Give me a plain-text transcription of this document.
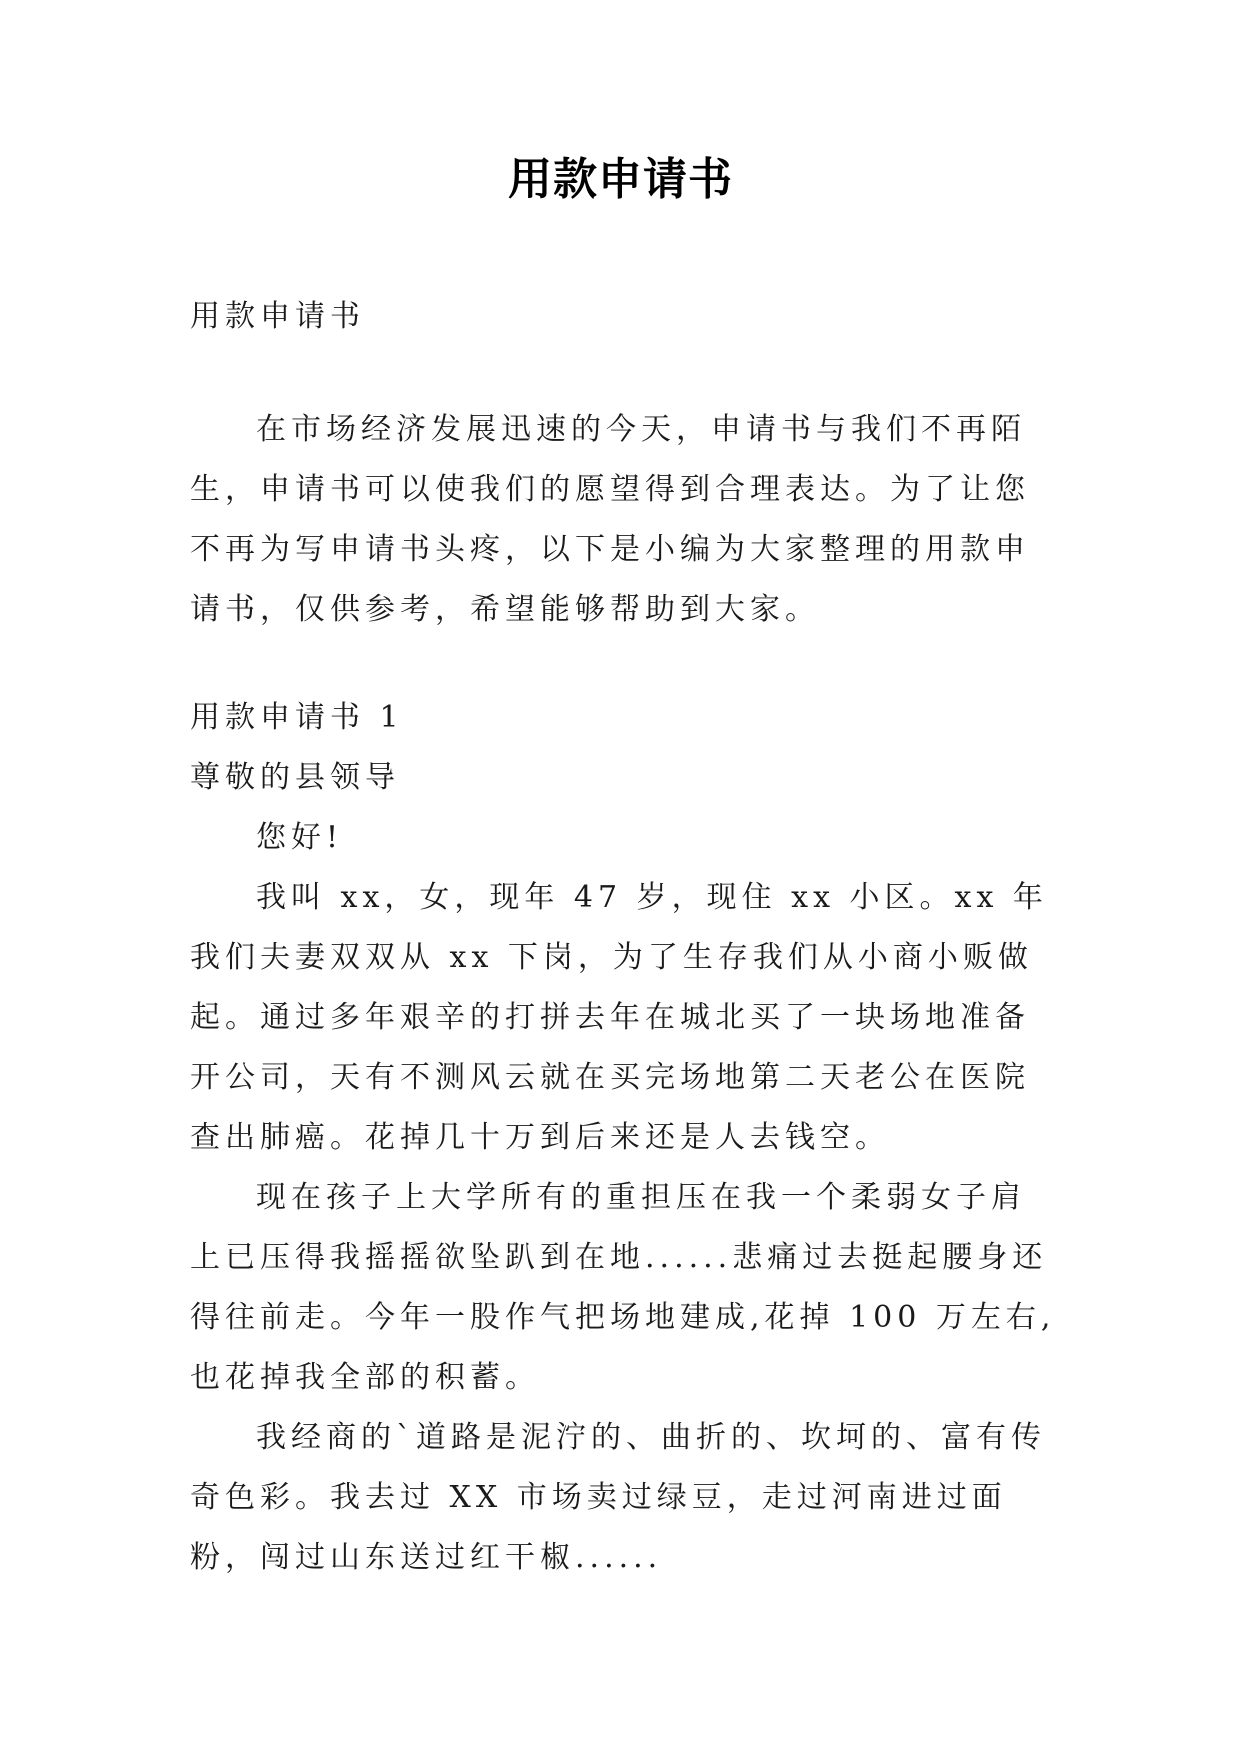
用款申请书
用款申请书

在市场经济发展迅速的今天，申请书与我们不再陌生，申请书可以使我们的愿望得到合理表达。为了让您不再为写申请书头疼，以下是小编为大家整理的用款申请书，仅供参考，希望能够帮助到大家。

用款申请书 1

尊敬的县领导

您好!

我叫 xx，女，现年 47 岁，现住 xx 小区。xx 年我们夫妻双双从 xx 下岗，为了生存我们从小商小贩做起。通过多年艰辛的打拼去年在城北买了一块场地准备开公司，天有不测风云就在买完场地第二天老公在医院查出肺癌。花掉几十万到后来还是人去钱空。

现在孩子上大学所有的重担压在我一个柔弱女子肩上已压得我摇摇欲坠趴到在地......悲痛过去挺起腰身还得往前走。今年一股作气把场地建成,花掉 100 万左右,也花掉我全部的积蓄。

我经商的`道路是泥泞的、曲折的、坎坷的、富有传奇色彩。我去过 XX 市场卖过绿豆，走过河南进过面粉，闯过山东送过红干椒......
